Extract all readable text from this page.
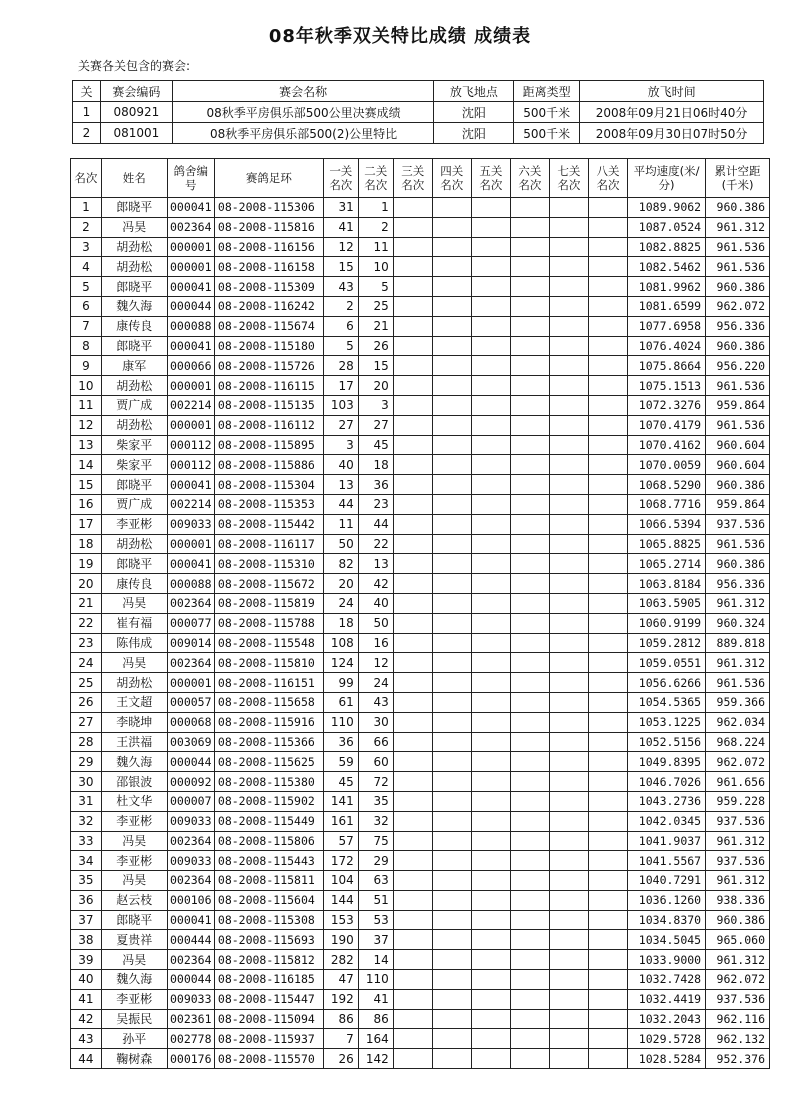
08年秋季双关特比成绩 成绩表
关赛各关包含的赛会:
关	赛会编码	赛会名称	放飞地点	距离类型	放飞时间
1	080921	08秋季平房俱乐部500公里决赛成绩	沈阳	500千米	2008年09月21日06时40分
2	081001	08秋季平房俱乐部500(2)公里特比	沈阳	500千米	2008年09月30日07时50分
名次	姓名	鸽舍编号	赛鸽足环	一关名次	二关名次	三关名次	四关名次	五关名次	六关名次	七关名次	八关名次	平均速度(米/分)	累计空距(千米)
1	郎晓平	000041	08-2008-115306	31	1							1089.9062	960.386
2	冯昊	002364	08-2008-115816	41	2							1087.0524	961.312
3	胡劲松	000001	08-2008-116156	12	11							1082.8825	961.536
4	胡劲松	000001	08-2008-116158	15	10							1082.5462	961.536
5	郎晓平	000041	08-2008-115309	43	5							1081.9962	960.386
6	魏久海	000044	08-2008-116242	2	25							1081.6599	962.072
7	康传良	000088	08-2008-115674	6	21							1077.6958	956.336
8	郎晓平	000041	08-2008-115180	5	26							1076.4024	960.386
9	康军	000066	08-2008-115726	28	15							1075.8664	956.220
10	胡劲松	000001	08-2008-116115	17	20							1075.1513	961.536
11	贾广成	002214	08-2008-115135	103	3							1072.3276	959.864
12	胡劲松	000001	08-2008-116112	27	27							1070.4179	961.536
13	柴家平	000112	08-2008-115895	3	45							1070.4162	960.604
14	柴家平	000112	08-2008-115886	40	18							1070.0059	960.604
15	郎晓平	000041	08-2008-115304	13	36							1068.5290	960.386
16	贾广成	002214	08-2008-115353	44	23							1068.7716	959.864
17	李亚彬	009033	08-2008-115442	11	44							1066.5394	937.536
18	胡劲松	000001	08-2008-116117	50	22							1065.8825	961.536
19	郎晓平	000041	08-2008-115310	82	13							1065.2714	960.386
20	康传良	000088	08-2008-115672	20	42							1063.8184	956.336
21	冯昊	002364	08-2008-115819	24	40							1063.5905	961.312
22	崔有福	000077	08-2008-115788	18	50							1060.9199	960.324
23	陈伟成	009014	08-2008-115548	108	16							1059.2812	889.818
24	冯昊	002364	08-2008-115810	124	12							1059.0551	961.312
25	胡劲松	000001	08-2008-116151	99	24							1056.6266	961.536
26	王文超	000057	08-2008-115658	61	43							1054.5365	959.366
27	李晓坤	000068	08-2008-115916	110	30							1053.1225	962.034
28	王洪福	003069	08-2008-115366	36	66							1052.5156	968.224
29	魏久海	000044	08-2008-115625	59	60							1049.8395	962.072
30	邵银波	000092	08-2008-115380	45	72							1046.7026	961.656
31	杜文华	000007	08-2008-115902	141	35							1043.2736	959.228
32	李亚彬	009033	08-2008-115449	161	32							1042.0345	937.536
33	冯昊	002364	08-2008-115806	57	75							1041.9037	961.312
34	李亚彬	009033	08-2008-115443	172	29							1041.5567	937.536
35	冯昊	002364	08-2008-115811	104	63							1040.7291	961.312
36	赵云枝	000106	08-2008-115604	144	51							1036.1260	938.336
37	郎晓平	000041	08-2008-115308	153	53							1034.8370	960.386
38	夏贵祥	000444	08-2008-115693	190	37							1034.5045	965.060
39	冯昊	002364	08-2008-115812	282	14							1033.9000	961.312
40	魏久海	000044	08-2008-116185	47	110							1032.7428	962.072
41	李亚彬	009033	08-2008-115447	192	41							1032.4419	937.536
42	吴振民	002361	08-2008-115094	86	86							1032.2043	962.116
43	孙平	002778	08-2008-115937	7	164							1029.5728	962.132
44	鞠树森	000176	08-2008-115570	26	142							1028.5284	952.376
